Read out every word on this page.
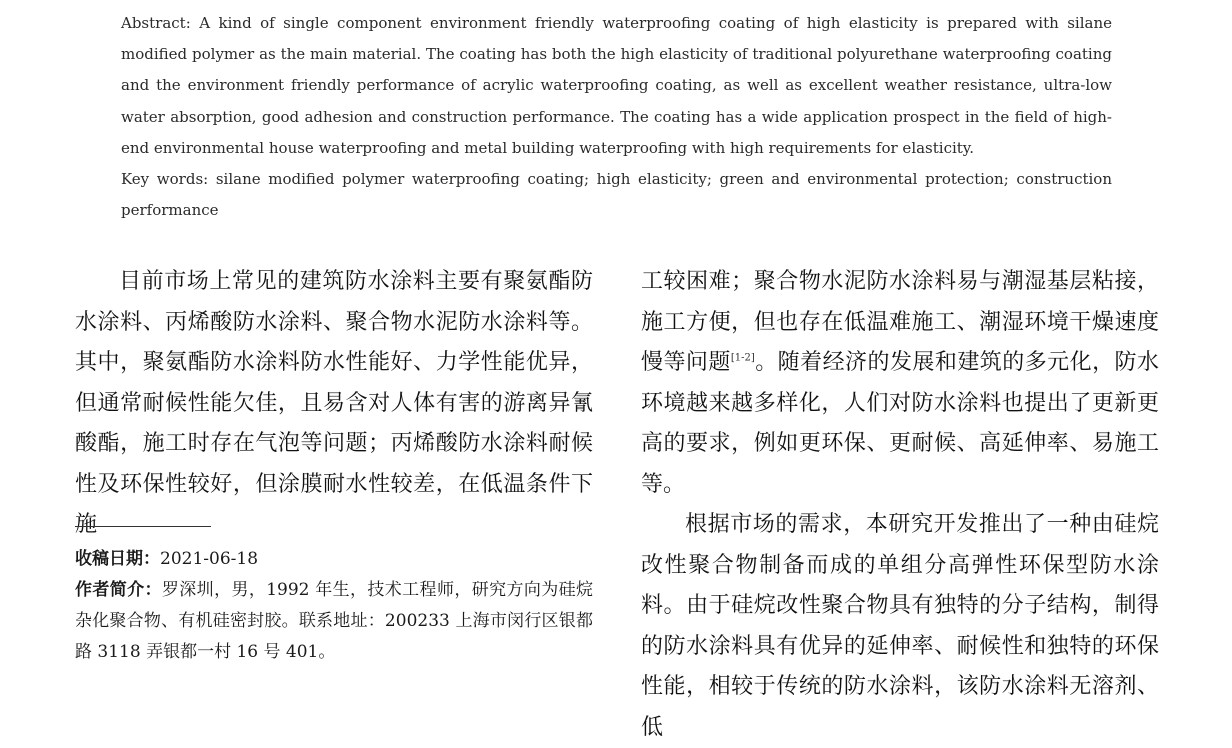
Abstract: A kind of single component environment friendly waterproofing coating of high elasticity is prepared with silane modified polymer as the main material. The coating has both the high elasticity of traditional polyurethane waterproofing coating and the environment friendly performance of acrylic waterproofing coating, as well as excellent weather resistance, ultra-low water absorption, good adhesion and construction performance. The coating has a wide application prospect in the field of high-end environmental house waterproofing and metal building waterproofing with high requirements for elasticity.

Key words: silane modified polymer waterproofing coating; high elasticity; green and environmental protection; construction performance

目前市场上常见的建筑防水涂料主要有聚氨酯防水涂料、丙烯酸防水涂料、聚合物水泥防水涂料等。其中，聚氨酯防水涂料防水性能好、力学性能优异，但通常耐候性能欠佳，且易含对人体有害的游离异氰酸酯，施工时存在气泡等问题；丙烯酸防水涂料耐候性及环保性较好，但涂膜耐水性较差，在低温条件下施

工较困难；聚合物水泥防水涂料易与潮湿基层粘接，施工方便，但也存在低温难施工、潮湿环境干燥速度慢等问题[1-2]。随着经济的发展和建筑的多元化，防水环境越来越多样化，人们对防水涂料也提出了更新更高的要求，例如更环保、更耐候、高延伸率、易施工等。

根据市场的需求，本研究开发推出了一种由硅烷改性聚合物制备而成的单组分高弹性环保型防水涂料。由于硅烷改性聚合物具有独特的分子结构，制得的防水涂料具有优异的延伸率、耐候性和独特的环保性能，相较于传统的防水涂料，该防水涂料无溶剂、低

收稿日期：2021-06-18

作者简介：罗深圳，男，1992 年生，技术工程师，研究方向为硅烷杂化聚合物、有机硅密封胶。联系地址：200233 上海市闵行区银都路 3118 弄银都一村 16 号 401。
